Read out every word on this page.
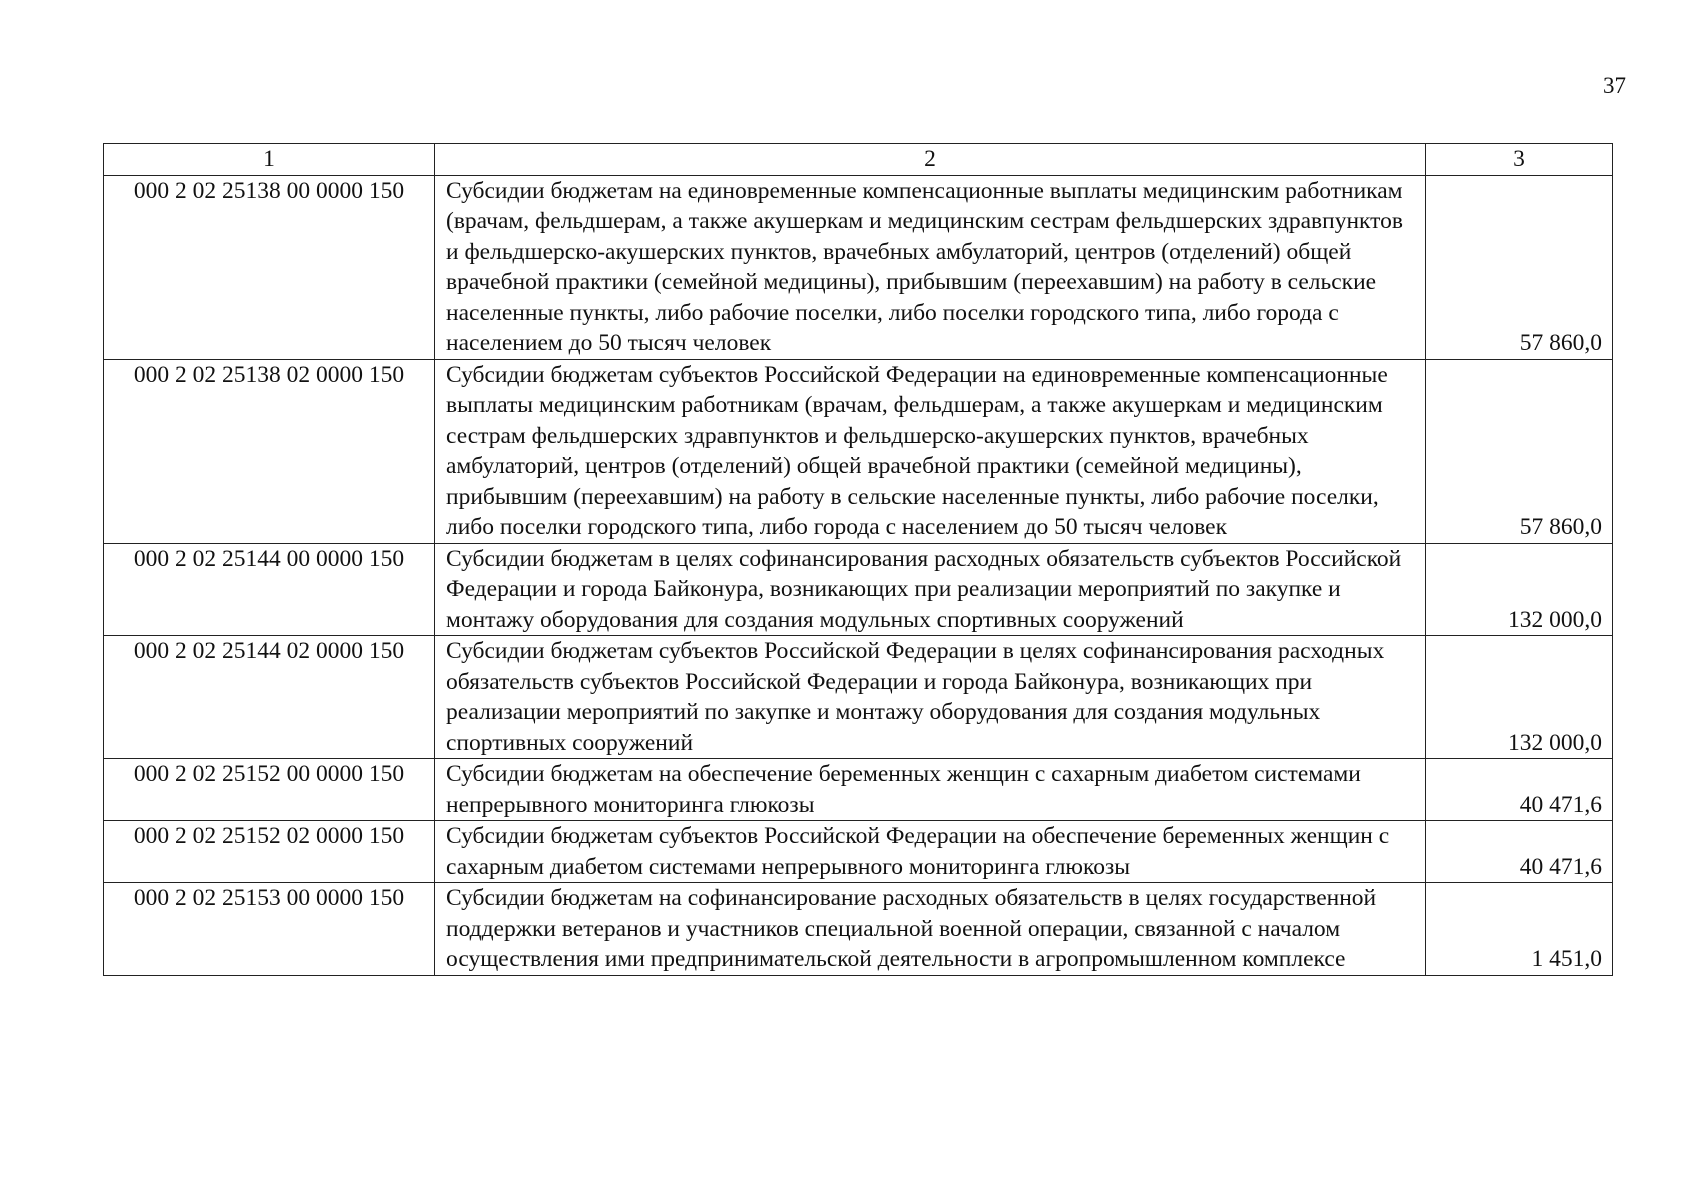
37
1	2	3
000 2 02 25138 00 0000 150	Субсидии бюджетам на единовременные компенсационные выплаты медицинским работникам (врачам, фельдшерам, а также акушеркам и медицинским сестрам фельдшерских здравпунктов и фельдшерско-акушерских пунктов, врачебных амбулаторий, центров (отделений) общей врачебной практики (семейной медицины), прибывшим (переехавшим) на работу в сельские населенные пункты, либо рабочие поселки, либо поселки городского типа, либо города с населением до 50 тысяч человек	57 860,0
000 2 02 25138 02 0000 150	Субсидии бюджетам субъектов Российской Федерации на единовременные компенсационные выплаты медицинским работникам (врачам, фельдшерам, а также акушеркам и медицинским сестрам фельдшерских здравпунктов и фельдшерско-акушерских пунктов, врачебных амбулаторий, центров (отделений) общей врачебной практики (семейной медицины), прибывшим (переехавшим) на работу в сельские населенные пункты, либо рабочие поселки, либо поселки городского типа, либо города с населением до 50 тысяч человек	57 860,0
000 2 02 25144 00 0000 150	Субсидии бюджетам в целях софинансирования расходных обязательств субъектов Российской Федерации и города Байконура, возникающих при реализации мероприятий по закупке и монтажу оборудования для создания модульных спортивных сооружений	132 000,0
000 2 02 25144 02 0000 150	Субсидии бюджетам субъектов Российской Федерации в целях софинансирования расходных обязательств субъектов Российской Федерации и города Байконура, возникающих при реализации мероприятий по закупке и монтажу оборудования для создания модульных спортивных сооружений	132 000,0
000 2 02 25152 00 0000 150	Субсидии бюджетам на обеспечение беременных женщин с сахарным диабетом системами непрерывного мониторинга глюкозы	40 471,6
000 2 02 25152 02 0000 150	Субсидии бюджетам субъектов Российской Федерации на обеспечение беременных женщин с сахарным диабетом системами непрерывного мониторинга глюкозы	40 471,6
000 2 02 25153 00 0000 150	Субсидии бюджетам на софинансирование расходных обязательств в целях государственной поддержки ветеранов и участников специальной военной операции, связанной с началом осуществления ими предпринимательской деятельности в агропромышленном комплексе	1 451,0
